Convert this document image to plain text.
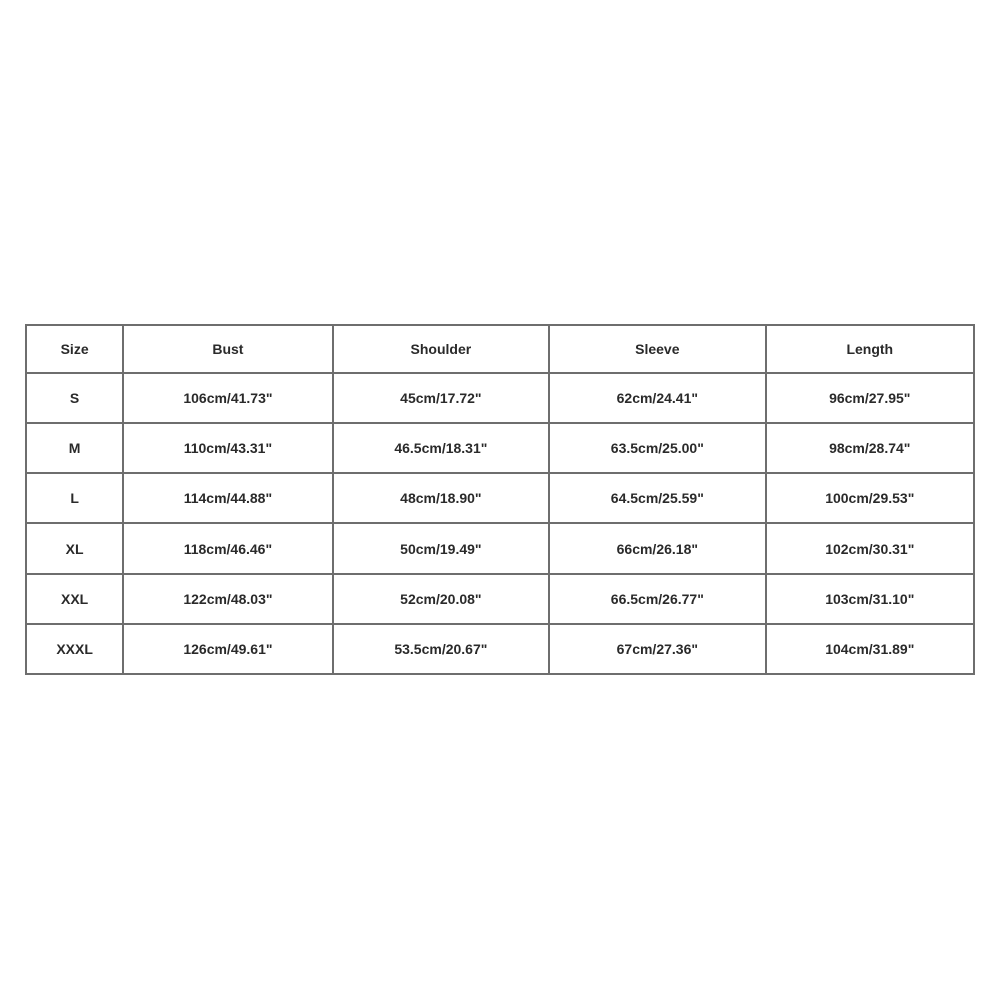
Size	Bust	Shoulder	Sleeve	Length
S	106cm/41.73"	45cm/17.72"	62cm/24.41"	96cm/27.95"
M	110cm/43.31"	46.5cm/18.31"	63.5cm/25.00"	98cm/28.74"
L	114cm/44.88"	48cm/18.90"	64.5cm/25.59"	100cm/29.53"
XL	118cm/46.46"	50cm/19.49"	66cm/26.18"	102cm/30.31"
XXL	122cm/48.03"	52cm/20.08"	66.5cm/26.77"	103cm/31.10"
XXXL	126cm/49.61"	53.5cm/20.67"	67cm/27.36"	104cm/31.89"
